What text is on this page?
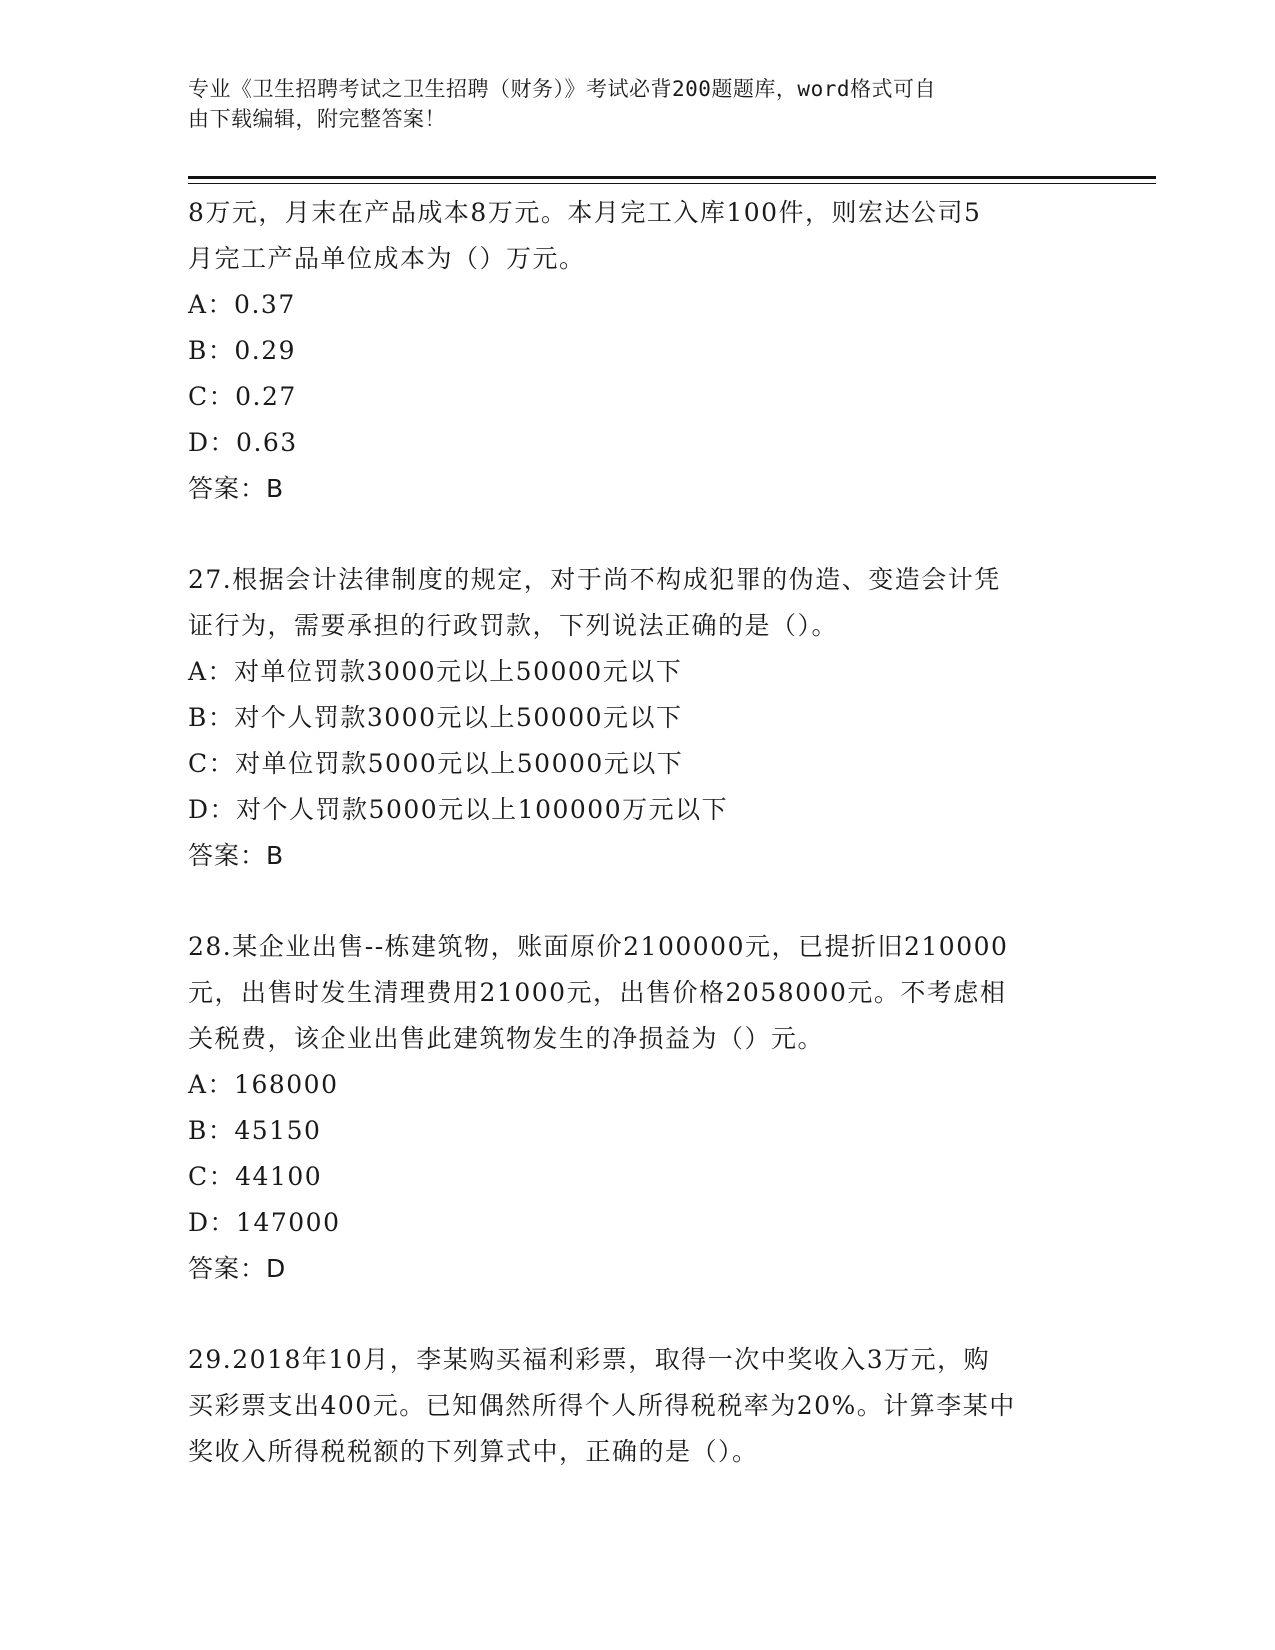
专业《卫生招聘考试之卫生招聘（财务）》考试必背200题题库，word格式可自
由下载编辑，附完整答案！
8万元，月末在产品成本8万元。本月完工入库100件，则宏达公司5
月完工产品单位成本为（）万元。
A：0.37
B：0.29
C：0.27
D：0.63
答案：B
27.根据会计法律制度的规定，对于尚不构成犯罪的伪造、变造会计凭
证行为，需要承担的行政罚款，下列说法正确的是（）。
A：对单位罚款3000元以上50000元以下
B：对个人罚款3000元以上50000元以下
C：对单位罚款5000元以上50000元以下
D：对个人罚款5000元以上100000万元以下
答案：B
28.某企业出售--栋建筑物，账面原价2100000元，已提折旧210000
元，出售时发生清理费用21000元，出售价格2058000元。不考虑相
关税费，该企业出售此建筑物发生的净损益为（）元。
A：168000
B：45150
C：44100
D：147000
答案：D
29.2018年10月，李某购买福利彩票，取得一次中奖收入3万元，购
买彩票支出400元。已知偶然所得个人所得税税率为20%。计算李某中
奖收入所得税税额的下列算式中，正确的是（）。
